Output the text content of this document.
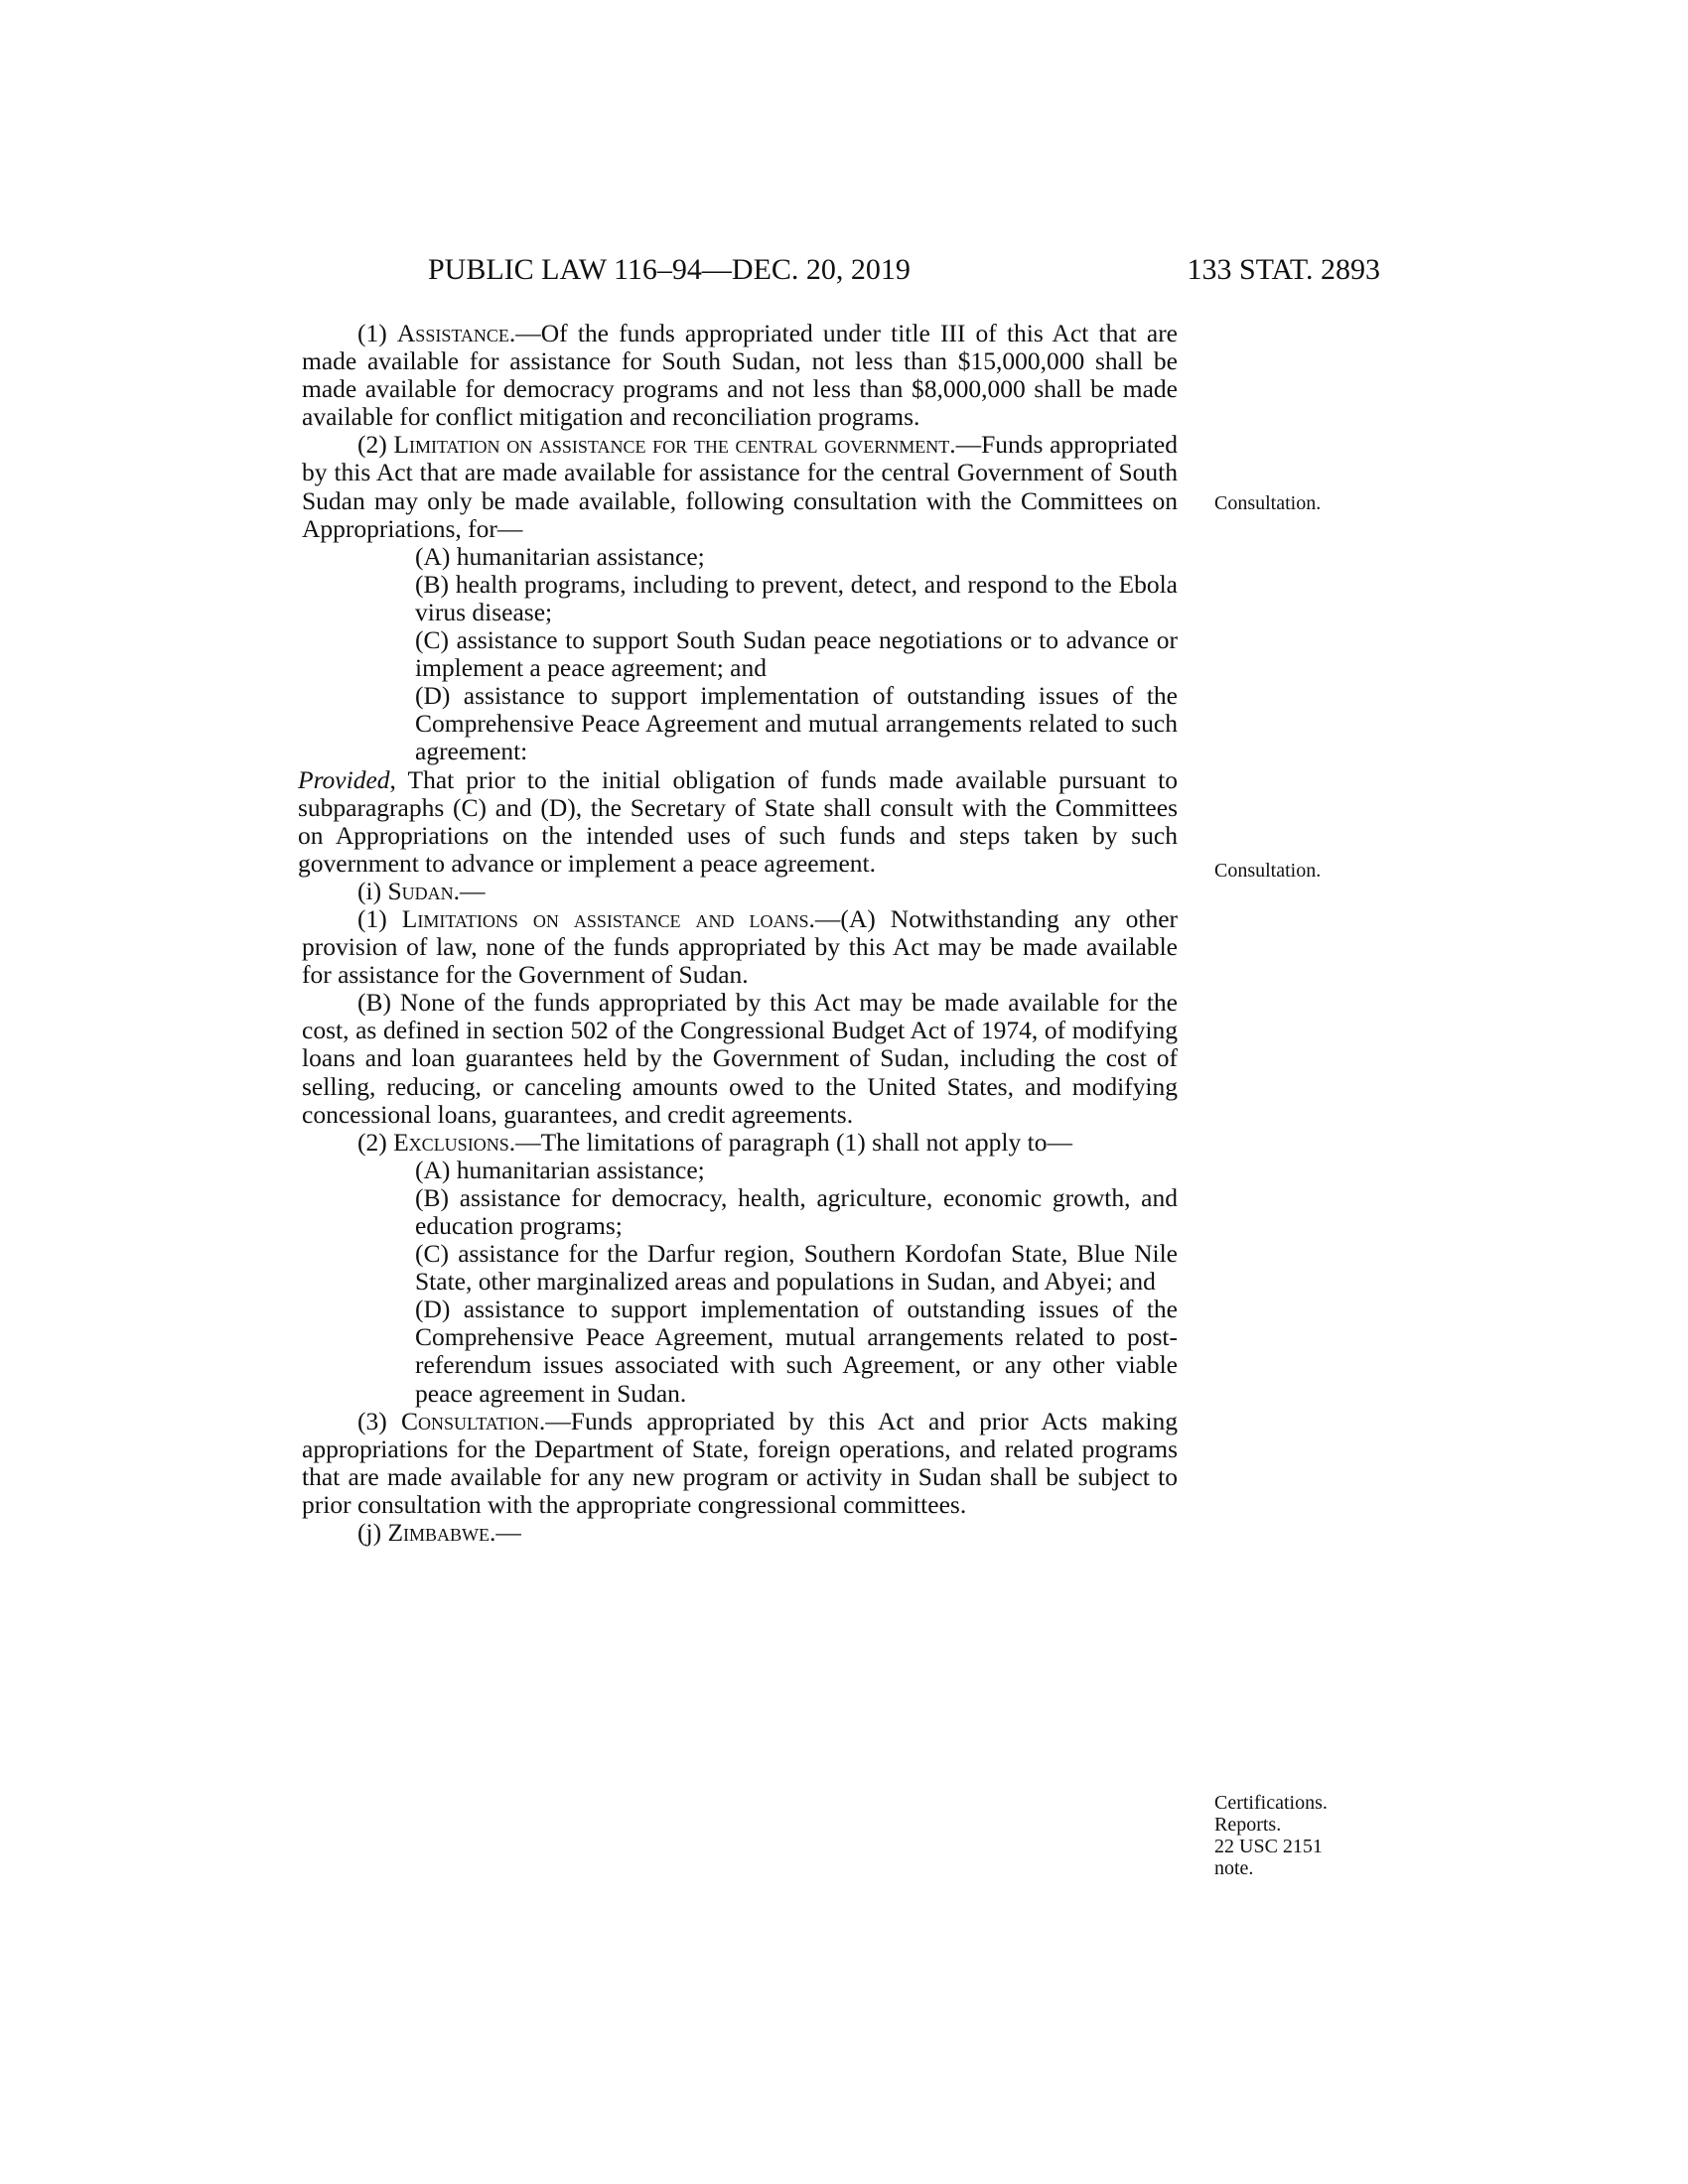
PUBLIC LAW 116–94—DEC. 20, 2019	133 STAT. 2893
Consultation.
Consultation.
Certifications.
Reports.
22 USC 2151
note.

(1) Assistance.—Of the funds appropriated under title III of this Act that are made available for assistance for South Sudan, not less than $15,000,000 shall be made available for democracy programs and not less than $8,000,000 shall be made available for conflict mitigation and reconciliation programs.

(2) Limitation on assistance for the central government.—Funds appropriated by this Act that are made available for assistance for the central Government of South Sudan may only be made available, following consultation with the Committees on Appropriations, for—

(A) humanitarian assistance;

(B) health programs, including to prevent, detect, and respond to the Ebola virus disease;

(C) assistance to support South Sudan peace negotiations or to advance or implement a peace agreement; and

(D) assistance to support implementation of outstanding issues of the Comprehensive Peace Agreement and mutual arrangements related to such agreement:

Provided, That prior to the initial obligation of funds made available pursuant to subparagraphs (C) and (D), the Secretary of State shall consult with the Committees on Appropriations on the intended uses of such funds and steps taken by such government to advance or implement a peace agreement.

(i) Sudan.—

(1) Limitations on assistance and loans.—(A) Notwithstanding any other provision of law, none of the funds appropriated by this Act may be made available for assistance for the Government of Sudan.

(B) None of the funds appropriated by this Act may be made available for the cost, as defined in section 502 of the Congressional Budget Act of 1974, of modifying loans and loan guarantees held by the Government of Sudan, including the cost of selling, reducing, or canceling amounts owed to the United States, and modifying concessional loans, guarantees, and credit agreements.

(2) Exclusions.—The limitations of paragraph (1) shall not apply to—

(A) humanitarian assistance;

(B) assistance for democracy, health, agriculture, economic growth, and education programs;

(C) assistance for the Darfur region, Southern Kordofan State, Blue Nile State, other marginalized areas and populations in Sudan, and Abyei; and

(D) assistance to support implementation of outstanding issues of the Comprehensive Peace Agreement, mutual arrangements related to post-referendum issues associated with such Agreement, or any other viable peace agreement in Sudan.

(3) Consultation.—Funds appropriated by this Act and prior Acts making appropriations for the Department of State, foreign operations, and related programs that are made available for any new program or activity in Sudan shall be subject to prior consultation with the appropriate congressional committees.

(j) Zimbabwe.—
